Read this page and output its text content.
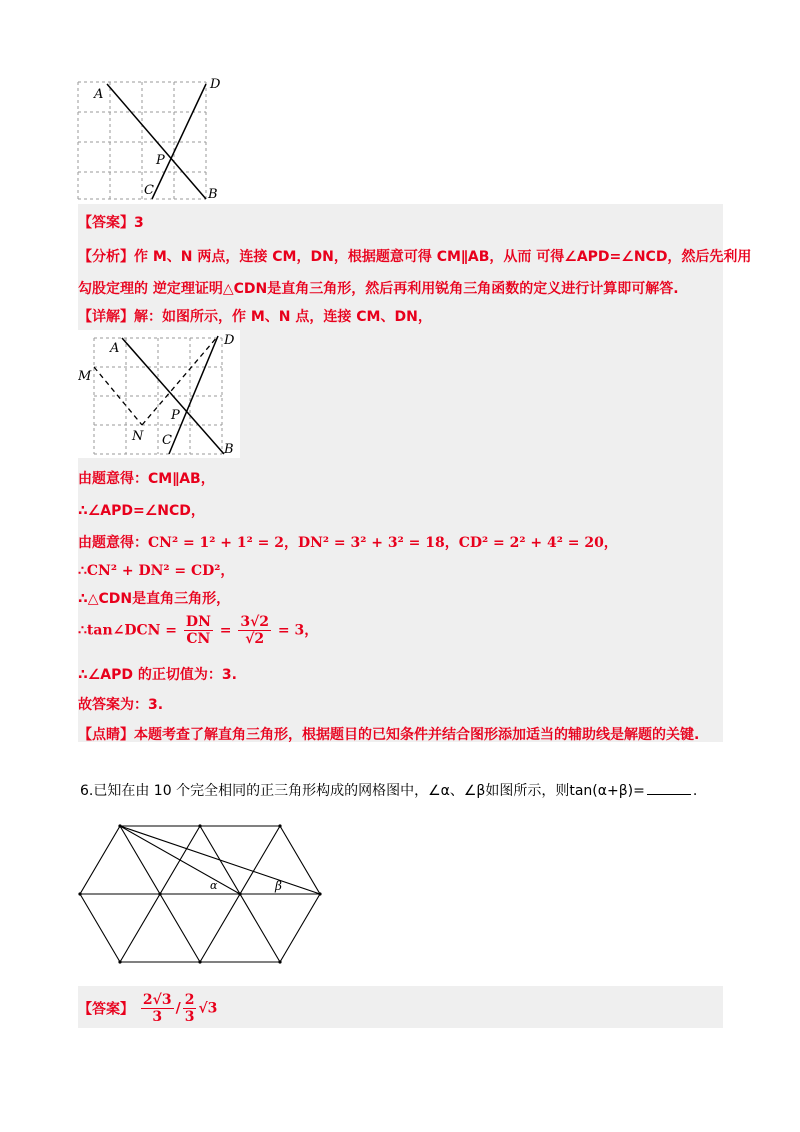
A
D
P
C	B
【答案】3
【分析】作 M、N 两点，连接 CM，DN，根据题意可得 CM∥AB，从而 可得∠APD=∠NCD，然后先利用
勾股定理的 逆定理证明△CDN是直角三角形，然后再利用锐角三角函数的定义进行计算即可解答.
【详解】解：如图所示，作 M、N 点，连接 CM、DN，
A
D
M
P
N C
B
由题意得：CM∥AB，
∴∠APD=∠NCD，
由题意得：CN² = 1² + 1² = 2，DN² = 3² + 3² = 18，CD² = 2² + 4² = 20，
∴CN² + DN² = CD²，
∴△CDN是直角三角形，
∴tan∠DCN = $\frac{DN}{CN} = \frac{3√2}{√2} = 3$，
∴∠APD 的正切值为：3.
故答案为：3.
【点睛】本题考查了解直角三角形，根据题目的已知条件并结合图形添加适当的辅助线是解题的关键.
6.已知在由 10 个完全相同的正三角形构成的网格图中，∠α、∠β如图所示，则tan(α+β)=	.
α	β
【答案】 $\frac{2√3}{3} / \frac{2}{3} √3$
